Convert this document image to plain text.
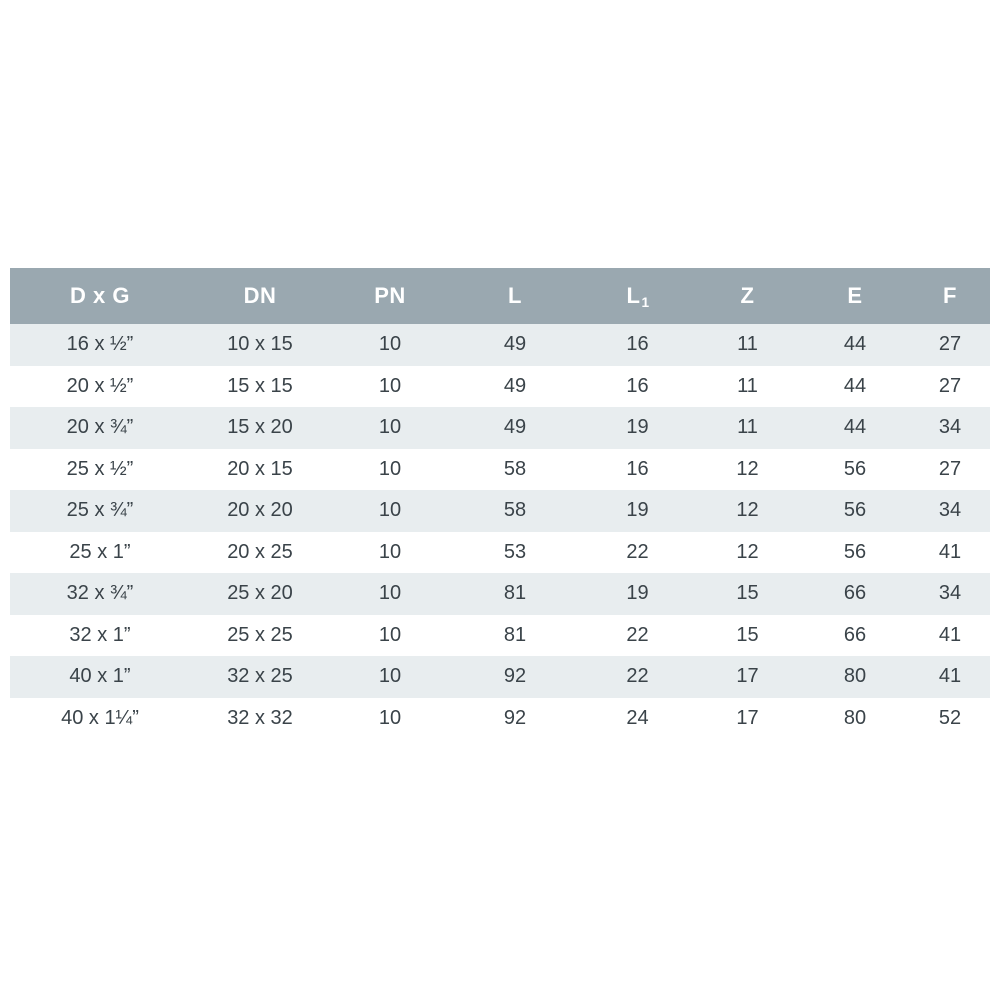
D x G	DN	PN	L	L1	Z	E	F
16 x ½”	10 x 15	10	49	16	11	44	27
20 x ½”	15 x 15	10	49	16	11	44	27
20 x ¾”	15 x 20	10	49	19	11	44	34
25 x ½”	20 x 15	10	58	16	12	56	27
25 x ¾”	20 x 20	10	58	19	12	56	34
25 x 1”	20 x 25	10	53	22	12	56	41
32 x ¾”	25 x 20	10	81	19	15	66	34
32 x 1”	25 x 25	10	81	22	15	66	41
40 x 1”	32 x 25	10	92	22	17	80	41
40 x 1¼”	32 x 32	10	92	24	17	80	52
